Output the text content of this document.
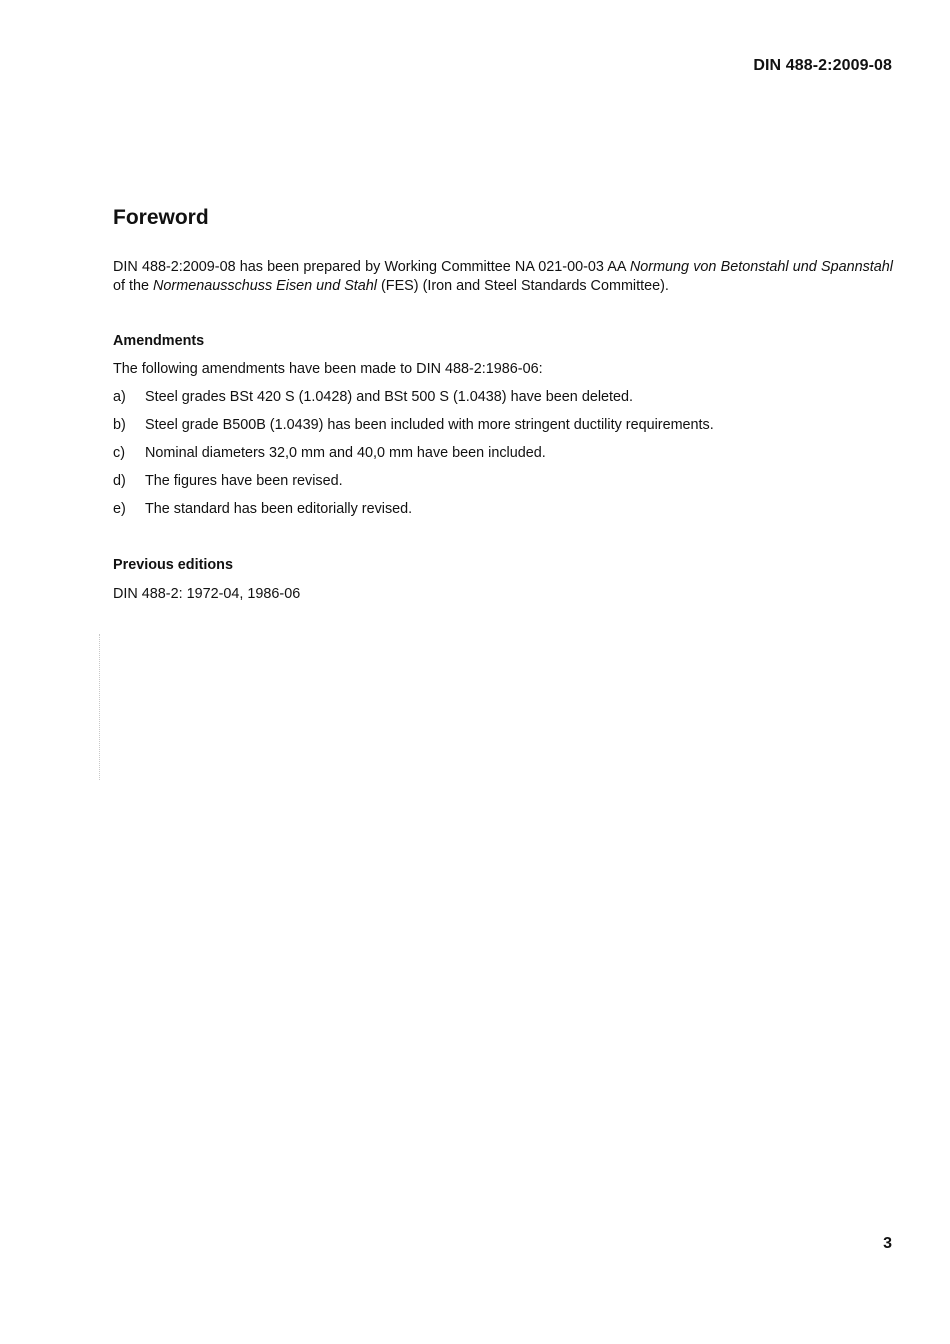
DIN 488-2:2009-08
Foreword

DIN 488-2:2009-08 has been prepared by Working Committee NA 021-00-03 AA Normung von Betonstahl und Spannstahl of the Normenausschuss Eisen und Stahl (FES) (Iron and Steel Standards Committee).

Amendments

The following amendments have been made to DIN 488-2:1986-06:

a)	Steel grades BSt 420 S (1.0428) and BSt 500 S (1.0438) have been deleted.
b)	Steel grade B500B (1.0439) has been included with more stringent ductility requirements.
c)	Nominal diameters 32,0 mm and 40,0 mm have been included.
d)	The figures have been revised.
e)	The standard has been editorially revised.
Previous editions

DIN 488-2: 1972-04, 1986-06

3
